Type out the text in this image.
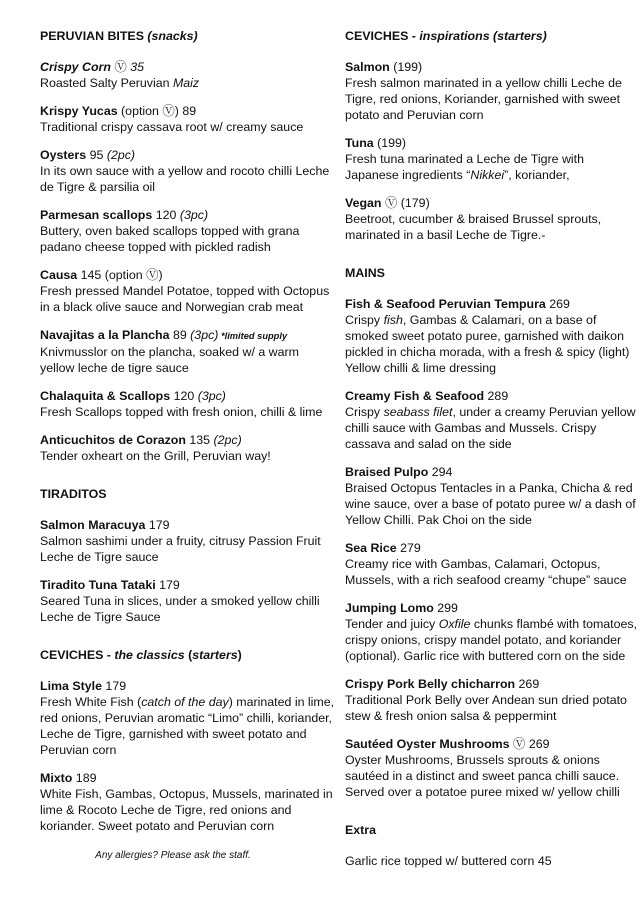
PERUVIAN BITES (snacks)
Crispy Corn Ⓥ 35
Roasted Salty Peruvian Maiz
Krispy Yucas (option Ⓥ) 89
Traditional crispy cassava root w/ creamy sauce
Oysters 95 (2pc)
In its own sauce with a yellow and rocoto chilli Leche de Tigre & parsilia oil
Parmesan scallops 120 (3pc)
Buttery, oven baked scallops topped with grana padano cheese topped with pickled radish
Causa 145 (option Ⓥ)
Fresh pressed Mandel Potatoe, topped with Octopus in a black olive sauce and Norwegian crab meat
Navajitas a la Plancha 89 (3pc) *limited supply
Knivmusslor on the plancha, soaked w/ a warm yellow leche de tigre sauce
Chalaquita & Scallops 120 (3pc)
Fresh Scallops topped with fresh onion, chilli & lime
Anticuchitos de Corazon 135 (2pc)
Tender oxheart on the Grill, Peruvian way!
TIRADITOS
Salmon Maracuya 179
Salmon sashimi under a fruity, citrusy Passion Fruit Leche de Tigre sauce
Tiradito Tuna Tataki 179
Seared Tuna in slices, under a smoked yellow chilli Leche de Tigre Sauce
CEVICHES - the classics (starters)
Lima Style 179
Fresh White Fish (catch of the day) marinated in lime, red onions, Peruvian aromatic “Limo” chilli, koriander, Leche de Tigre, garnished with sweet potato and Peruvian corn
Mixto 189
White Fish, Gambas, Octopus, Mussels, marinated in lime & Rocoto Leche de Tigre, red onions and koriander. Sweet potato and Peruvian corn
Any allergies? Please ask the staff.
CEVICHES - inspirations (starters)
Salmon (199)
Fresh salmon marinated in a yellow chilli Leche de Tigre, red onions, Koriander, garnished with sweet potato and Peruvian corn
Tuna (199)
Fresh tuna marinated a Leche de Tigre with Japanese ingredients “Nikkei”, koriander,
Vegan Ⓥ (179)
Beetroot, cucumber & braised Brussel sprouts, marinated in a basil Leche de Tigre.-
MAINS
Fish & Seafood Peruvian Tempura 269
Crispy fish, Gambas & Calamari, on a base of smoked sweet potato puree, garnished with daikon pickled in chicha morada, with a fresh & spicy (light) Yellow chilli & lime dressing
Creamy Fish & Seafood 289
Crispy seabass filet, under a creamy Peruvian yellow chilli sauce with Gambas and Mussels. Crispy cassava and salad on the side
Braised Pulpo 294
Braised Octopus Tentacles in a Panka, Chicha & red wine sauce, over a base of potato puree w/ a dash of Yellow Chilli. Pak Choi on the side
Sea Rice 279
Creamy rice with Gambas, Calamari, Octopus, Mussels, with a rich seafood creamy “chupe” sauce
Jumping Lomo 299
Tender and juicy Oxfile chunks flambé with tomatoes, crispy onions, crispy mandel potato, and koriander (optional). Garlic rice with buttered corn on the side
Crispy Pork Belly chicharron 269
Traditional Pork Belly over Andean sun dried potato stew & fresh onion salsa & peppermint
Sautéed Oyster Mushrooms Ⓥ 269
Oyster Mushrooms, Brussels sprouts & onions sautéed in a distinct and sweet panca chilli sauce. Served over a potatoe puree mixed w/ yellow chilli
Extra
Garlic rice topped w/ buttered corn 45
